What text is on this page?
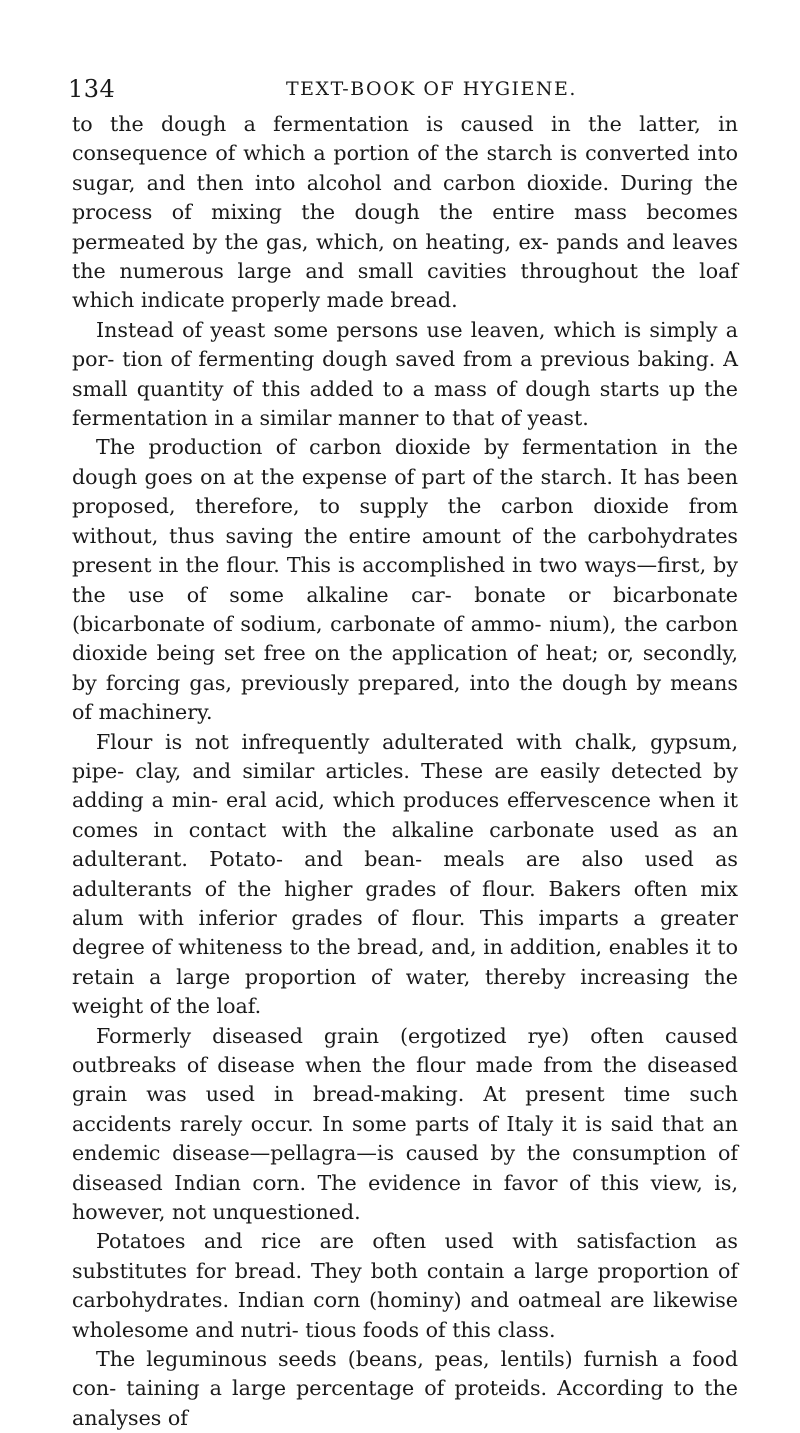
134	TEXT-BOOK OF HYGIENE.

to the dough a fermentation is caused in the latter, in consequence of which a portion of the starch is converted into sugar, and then into alcohol and carbon dioxide. During the process of mixing the dough the entire mass becomes permeated by the gas, which, on heating, ex- pands and leaves the numerous large and small cavities throughout the loaf which indicate properly made bread.

Instead of yeast some persons use leaven, which is simply a por- tion of fermenting dough saved from a previous baking. A small quantity of this added to a mass of dough starts up the fermentation in a similar manner to that of yeast.

The production of carbon dioxide by fermentation in the dough goes on at the expense of part of the starch. It has been proposed, therefore, to supply the carbon dioxide from without, thus saving the entire amount of the carbohydrates present in the flour. This is accomplished in two ways—first, by the use of some alkaline car- bonate or bicarbonate (bicarbonate of sodium, carbonate of ammo- nium), the carbon dioxide being set free on the application of heat; or, secondly, by forcing gas, previously prepared, into the dough by means of machinery.

Flour is not infrequently adulterated with chalk, gypsum, pipe- clay, and similar articles. These are easily detected by adding a min- eral acid, which produces effervescence when it comes in contact with the alkaline carbonate used as an adulterant. Potato- and bean- meals are also used as adulterants of the higher grades of flour. Bakers often mix alum with inferior grades of flour. This imparts a greater degree of whiteness to the bread, and, in addition, enables it to retain a large proportion of water, thereby increasing the weight of the loaf.

Formerly diseased grain (ergotized rye) often caused outbreaks of disease when the flour made from the diseased grain was used in bread-making. At present time such accidents rarely occur. In some parts of Italy it is said that an endemic disease—pellagra—is caused by the consumption of diseased Indian corn. The evidence in favor of this view, is, however, not unquestioned.

Potatoes and rice are often used with satisfaction as substitutes for bread. They both contain a large proportion of carbohydrates. Indian corn (hominy) and oatmeal are likewise wholesome and nutri- tious foods of this class.

The leguminous seeds (beans, peas, lentils) furnish a food con- taining a large percentage of proteids. According to the analyses of
